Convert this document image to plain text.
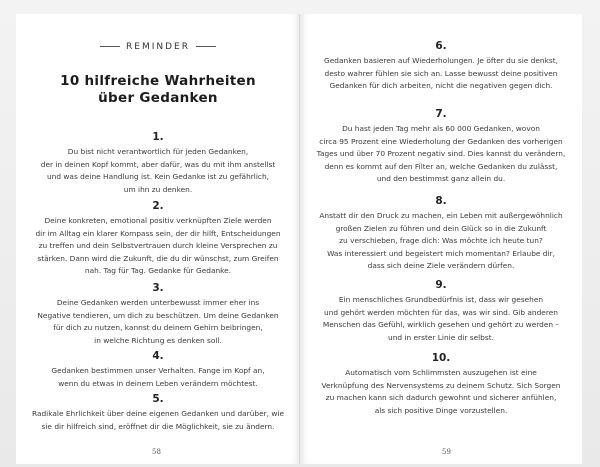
REMINDER
10 hilfreiche Wahrheiten
über Gedanken
1.
Du bist nicht verantwortlich für jeden Gedanken,
der in deinen Kopf kommt, aber dafür, was du mit ihm anstellst
und was deine Handlung ist. Kein Gedanke ist zu gefährlich,
um ihn zu denken.
2.
Deine konkreten, emotional positiv verknüpften Ziele werden
dir im Alltag ein klarer Kompass sein, der dir hilft, Entscheidungen
zu treffen und dein Selbstvertrauen durch kleine Versprechen zu
stärken. Dann wird die Zukunft, die du dir wünschst, zum Greifen
nah. Tag für Tag. Gedanke für Gedanke.
3.
Deine Gedanken werden unterbewusst immer eher ins
Negative tendieren, um dich zu beschützen. Um deine Gedanken
für dich zu nutzen, kannst du deinem Gehirn beibringen,
in welche Richtung es denken soll.
4.
Gedanken bestimmen unser Verhalten. Fange im Kopf an,
wenn du etwas in deinem Leben verändern möchtest.
5.
Radikale Ehrlichkeit über deine eigenen Gedanken und darüber, wie
sie dir hilfreich sind, eröffnet dir die Möglichkeit, sie zu ändern.
58
6.
Gedanken basieren auf Wiederholungen. Je öfter du sie denkst,
desto wahrer fühlen sie sich an. Lasse bewusst deine positiven
Gedanken für dich arbeiten, nicht die negativen gegen dich.
7.
Du hast jeden Tag mehr als 60 000 Gedanken, wovon
circa 95 Prozent eine Wiederholung der Gedanken des vorherigen
Tages und über 70 Prozent negativ sind. Dies kannst du verändern,
denn es kommt auf den Filter an, welche Gedanken du zulässt,
und den bestimmst ganz allein du.
8.
Anstatt dir den Druck zu machen, ein Leben mit außergewöhnlich
großen Zielen zu führen und dein Glück so in die Zukunft
zu verschieben, frage dich: Was möchte ich heute tun?
Was interessiert und begeistert mich momentan? Erlaube dir,
dass sich deine Ziele verändern dürfen.
9.
Ein menschliches Grundbedürfnis ist, dass wir gesehen
und gehört werden möchten für das, was wir sind. Gib anderen
Menschen das Gefühl, wirklich gesehen und gehört zu werden –
und in erster Linie dir selbst.
10.
Automatisch vom Schlimmsten auszugehen ist eine
Verknüpfung des Nervensystems zu deinem Schutz. Sich Sorgen
zu machen kann sich dadurch gewohnt und sicherer anfühlen,
als sich positive Dinge vorzustellen.
59
